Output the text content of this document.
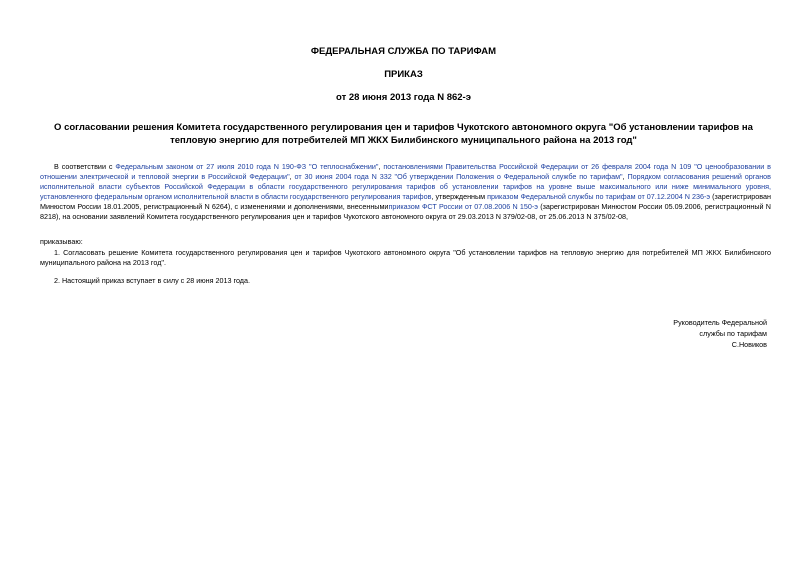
ФЕДЕРАЛЬНАЯ СЛУЖБА ПО ТАРИФАМ

ПРИКАЗ

от 28 июня 2013 года N 862-э

О согласовании решения Комитета государственного регулирования цен и тарифов Чукотского автономного округа "Об установлении тарифов на тепловую энергию для потребителей МП ЖКХ Билибинского муниципального района на 2013 год"

В соответствии с Федеральным законом от 27 июля 2010 года N 190-ФЗ "О теплоснабжении", постановлениями Правительства Российской Федерации от 26 февраля 2004 года N 109 "О ценообразовании в отношении электрической и тепловой энергии в Российской Федерации", от 30 июня 2004 года N 332 "Об утверждении Положения о Федеральной службе по тарифам", Порядком согласования решений органов исполнительной власти субъектов Российской Федерации в области государственного регулирования тарифов об установлении тарифов на уровне выше максимального или ниже минимального уровня, установленного федеральным органом исполнительной власти в области государственного регулирования тарифов, утвержденным приказом Федеральной службы по тарифам от 07.12.2004 N 236-э (зарегистрирован Минюстом России 18.01.2005, регистрационный N 6264), с изменениями и дополнениями, внесеннымиприказом ФСТ России от 07.08.2006 N 150-э (зарегистрирован Минюстом России 05.09.2006, регистрационный N 8218), на основании заявлений Комитета государственного регулирования цен и тарифов Чукотского автономного округа от 29.03.2013 N 379/02-08, от 25.06.2013 N 375/02-08,

приказываю:

1. Согласовать решение Комитета государственного регулирования цен и тарифов Чукотского автономного округа "Об установлении тарифов на тепловую энергию для потребителей МП ЖКХ Билибинского муниципального района на 2013 год".

2. Настоящий приказ вступает в силу с 28 июня 2013 года.

Руководитель Федеральной

службы по тарифам

С.Новиков
